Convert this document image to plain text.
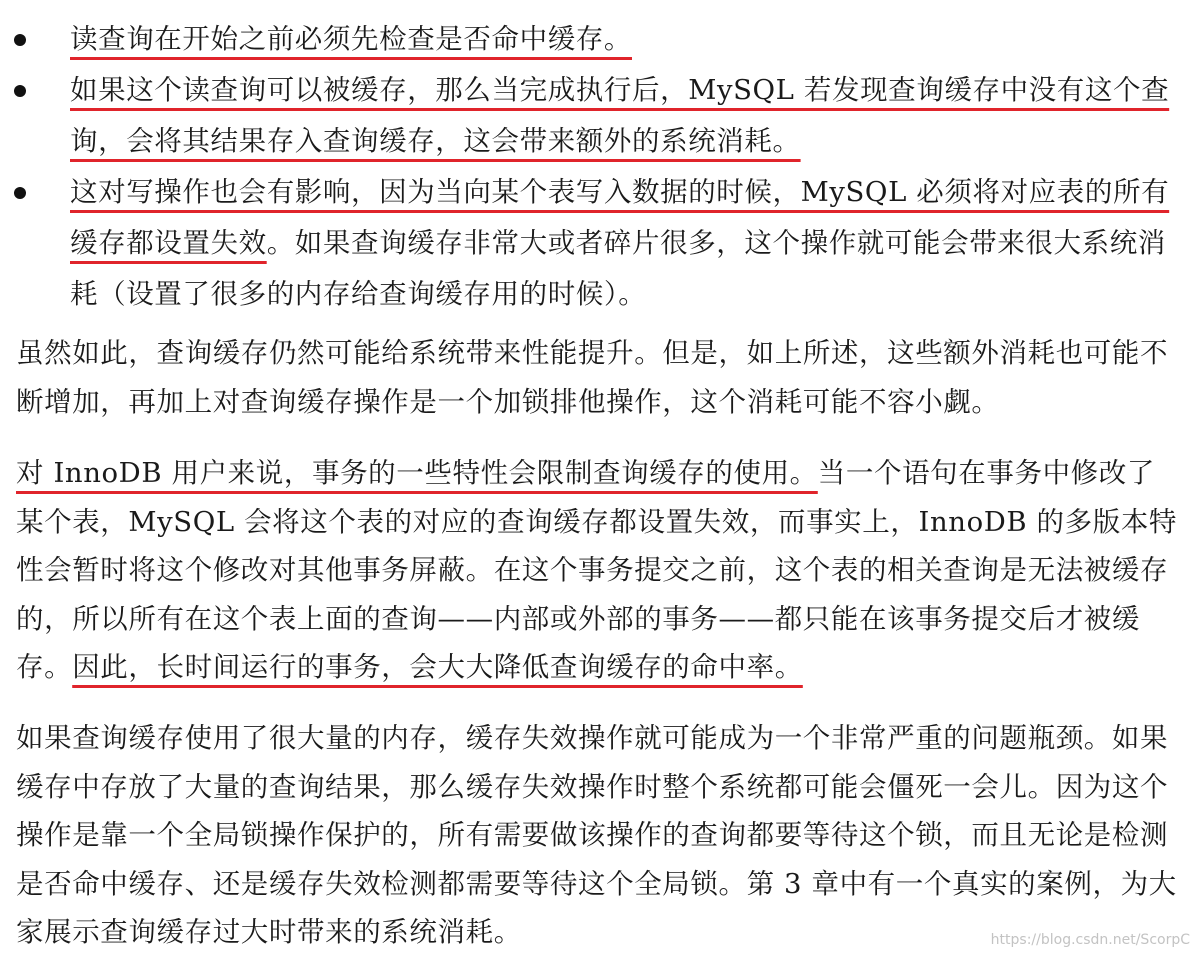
读查询在开始之前必须先检查是否命中缓存。
如果这个读查询可以被缓存，那么当完成执行后，MySQL 若发现查询缓存中没有这个查询，会将其结果存入查询缓存，这会带来额外的系统消耗。
这对写操作也会有影响，因为当向某个表写入数据的时候，MySQL 必须将对应表的所有缓存都设置失效。如果查询缓存非常大或者碎片很多，这个操作就可能会带来很大系统消耗（设置了很多的内存给查询缓存用的时候）。

虽然如此，查询缓存仍然可能给系统带来性能提升。但是，如上所述，这些额外消耗也可能不断增加，再加上对查询缓存操作是一个加锁排他操作，这个消耗可能不容小觑。

对 InnoDB 用户来说，事务的一些特性会限制查询缓存的使用。当一个语句在事务中修改了某个表，MySQL 会将这个表的对应的查询缓存都设置失效，而事实上，InnoDB 的多版本特性会暂时将这个修改对其他事务屏蔽。在这个事务提交之前，这个表的相关查询是无法被缓存的，所以所有在这个表上面的查询——内部或外部的事务——都只能在该事务提交后才被缓存。因此，长时间运行的事务，会大大降低查询缓存的命中率。

如果查询缓存使用了很大量的内存，缓存失效操作就可能成为一个非常严重的问题瓶颈。如果缓存中存放了大量的查询结果，那么缓存失效操作时整个系统都可能会僵死一会儿。因为这个操作是靠一个全局锁操作保护的，所有需要做该操作的查询都要等待这个锁，而且无论是检测是否命中缓存、还是缓存失效检测都需要等待这个全局锁。第 3 章中有一个真实的案例，为大家展示查询缓存过大时带来的系统消耗。	https://blog.csdn.net/ScorpC
